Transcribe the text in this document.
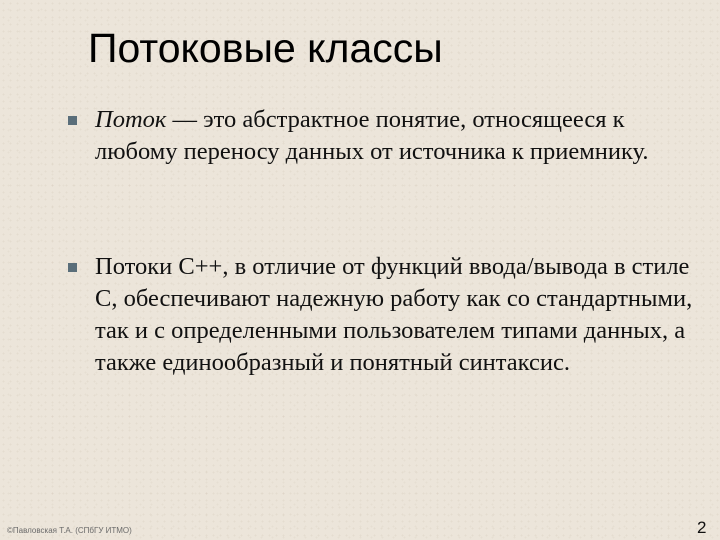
Потоковые классы
Поток — это абстрактное понятие, относящееся к любому переносу данных от источника к приемнику.
Потоки С++, в отличие от функций ввода/вывода в стиле С, обеспечивают надежную работу как со стандартными, так и с определенными пользователем типами данных, а также единообразный и понятный синтаксис.
©Павловская Т.А. (СПбГУ ИТМО)	2
